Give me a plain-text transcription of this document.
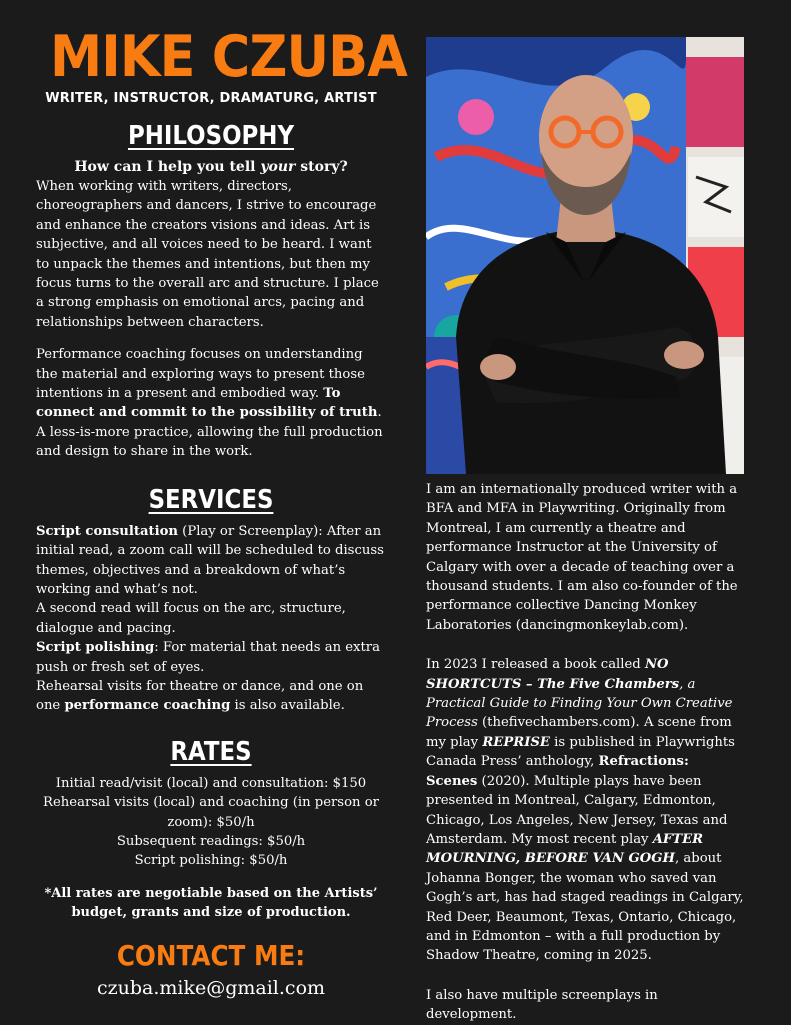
MIKE CZUBA
WRITER, INSTRUCTOR, DRAMATURG, ARTIST
PHILOSOPHY

How can I help you tell your story?

When working with writers, directors, choreographers and dancers, I strive to encourage and enhance the creators visions and ideas. Art is subjective, and all voices need to be heard. I want to unpack the themes and intentions, but then my focus turns to the overall arc and structure. I place a strong emphasis on emotional arcs, pacing and relationships between characters.

Performance coaching focuses on understanding the material and exploring ways to present those intentions in a present and embodied way. To connect and commit to the possibility of truth. A less-is-more practice, allowing the full production and design to share in the work.

SERVICES

Script consultation (Play or Screenplay): After an initial read, a zoom call will be scheduled to discuss themes, objectives and a breakdown of what’s working and what’s not.

A second read will focus on the arc, structure, dialogue and pacing.

Script polishing: For material that needs an extra push or fresh set of eyes.

Rehearsal visits for theatre or dance, and one on one performance coaching is also available.

RATES

Initial read/visit (local) and consultation: $150

Rehearsal visits (local) and coaching (in person or zoom): $50/h

Subsequent readings: $50/h

Script polishing: $50/h

*All rates are negotiable based on the Artists’ budget, grants and size of production.

CONTACT ME:

czuba.mike@gmail.com

I am an internationally produced writer with a BFA and MFA in Playwriting. Originally from Montreal, I am currently a theatre and performance Instructor at the University of Calgary with over a decade of teaching over a thousand students. I am also co-founder of the performance collective Dancing Monkey Laboratories (dancingmonkeylab.com).

In 2023 I released a book called NO SHORTCUTS – The Five Chambers, a Practical Guide to Finding Your Own Creative Process (thefivechambers.com). A scene from my play REPRISE is published in Playwrights Canada Press’ anthology, Refractions: Scenes (2020). Multiple plays have been presented in Montreal, Calgary, Edmonton, Chicago, Los Angeles, New Jersey, Texas and Amsterdam. My most recent play AFTER MOURNING, BEFORE VAN GOGH, about Johanna Bonger, the woman who saved van Gogh’s art, has had staged readings in Calgary, Red Deer, Beaumont, Texas, Ontario, Chicago, and in Edmonton – with a full production by Shadow Theatre, coming in 2025.

I also have multiple screenplays in development.
